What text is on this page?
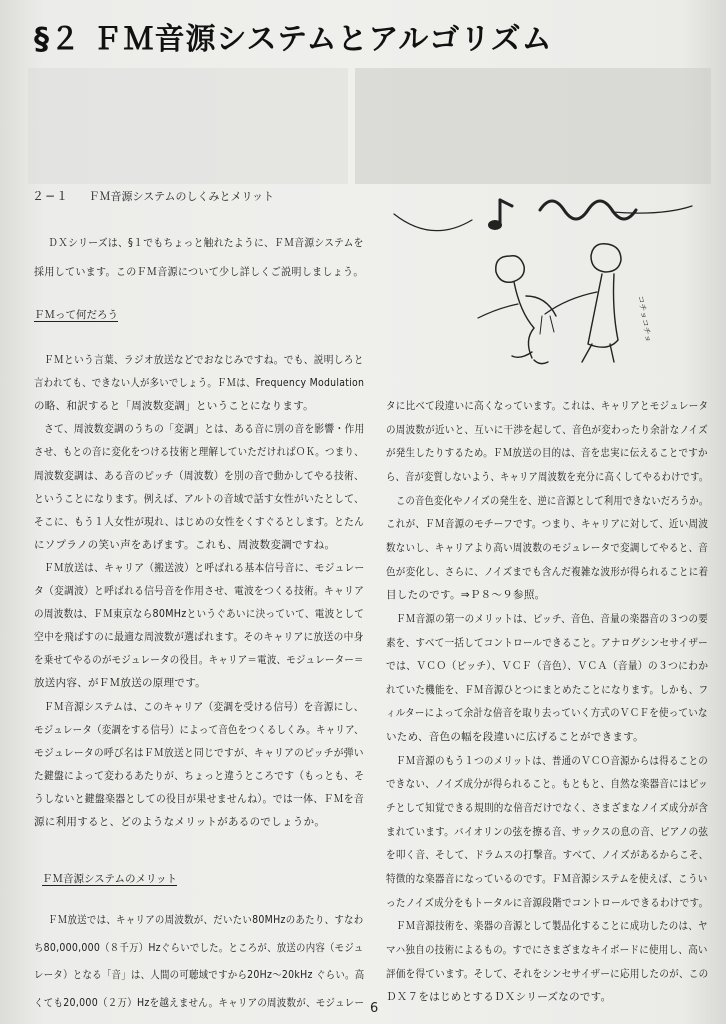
§２ ＦＭ音源システムとアルゴリズム
２−１ ＦＭ音源システムのしくみとメリット
ＤＸシリーズは、§１でもちょっと触れたように、ＦＭ音源システムを
採用しています。このＦＭ音源について少し詳しくご説明しましょう。
ＦＭって何だろう
ＦＭという言葉、ラジオ放送などでおなじみですね。でも、説明しろと
言われても、できない人が多いでしょう。ＦＭは、Frequency Modulation
の略、和訳すると「周波数変調」ということになります。
さて、周波数変調のうちの「変調」とは、ある音に別の音を影響・作用
させ、もとの音に変化をつける技術と理解していただければＯＫ。つまり、
周波数変調は、ある音のピッチ（周波数）を別の音で動かしてやる技術、
ということになります。例えば、アルトの音域で話す女性がいたとして、
そこに、もう１人女性が現れ、はじめの女性をくすぐるとします。とたん
にソプラノの笑い声をあげます。これも、周波数変調ですね。
ＦＭ放送は、キャリア（搬送波）と呼ばれる基本信号音に、モジュレー
タ（変調波）と呼ばれる信号音を作用させ、電波をつくる技術。キャリア
の周波数は、ＦＭ東京なら80MHzというぐあいに決っていて、電波として
空中を飛ばすのに最適な周波数が選ばれます。そのキャリアに放送の中身
を乗せてやるのがモジュレータの役目。キャリア＝電波、モジュレーター＝
放送内容、がＦＭ放送の原理です。
ＦＭ音源システムは、このキャリア（変調を受ける信号）を音源にし、
モジュレータ（変調をする信号）によって音色をつくるしくみ。キャリア、
モジュレータの呼び名はＦＭ放送と同じですが、キャリアのピッチが弾い
た鍵盤によって変わるあたりが、ちょっと違うところです（もっとも、そ
うしないと鍵盤楽器としての役目が果せませんね）。では一体、ＦＭを音
源に利用すると、どのようなメリットがあるのでしょうか。
ＦＭ音源システムのメリット
ＦＭ放送では、キャリアの周波数が、だいたい80MHzのあたり、すなわ
ち80,000,000（８千万）Hzぐらいでした。ところが、放送の内容（モジュ
レータ）となる「音」は、人間の可聴域ですから20Hz〜20kHz ぐらい。高
くても20,000（２万）Hzを越えません。キャリアの周波数が、モジュレー
タに比べて段違いに高くなっています。これは、キャリアとモジュレータ
の周波数が近いと、互いに干渉を起して、音色が変わったり余計なノイズ
が発生したりするため。ＦＭ放送の目的は、音を忠実に伝えることですか
ら、音が変質しないよう、キャリア周波数を充分に高くしてやるわけです。
この音色変化やノイズの発生を、逆に音源として利用できないだろうか。
これが、ＦＭ音源のモチーフです。つまり、キャリアに対して、近い周波
数ないし、キャリアより高い周波数のモジュレータで変調してやると、音
色が変化し、さらに、ノイズまでも含んだ複雑な波形が得られることに着
目したのです。⇒Ｐ８〜９参照。
ＦＭ音源の第一のメリットは、ピッチ、音色、音量の楽器音の３つの要
素を、すべて一括してコントロールできること。アナログシンセサイザー
では、ＶＣＯ（ピッチ）、ＶＣＦ（音色）、ＶＣＡ（音量）の３つにわか
れていた機能を、ＦＭ音源ひとつにまとめたことになります。しかも、フ
ィルターによって余計な倍音を取り去っていく方式のＶＣＦを使っていな
いため、音色の幅を段違いに広げることができます。
ＦＭ音源のもう１つのメリットは、普通のＶＣＯ音源からは得ることの
できない、ノイズ成分が得られること。もともと、自然な楽器音にはピッ
チとして知覚できる規則的な倍音だけでなく、さまざまなノイズ成分が含
まれています。バイオリンの弦を擦る音、サックスの息の音、ピアノの弦
を叩く音、そして、ドラムスの打撃音。すべて、ノイズがあるからこそ、
特徴的な楽器音になっているのです。ＦＭ音源システムを使えば、こうい
ったノイズ成分をもトータルに音源段階でコントロールできるわけです。
ＦＭ音源技術を、楽器の音源として製品化することに成功したのは、ヤ
マハ独自の技術によるもの。すでにさまざまなキイボードに使用し、高い
評価を得ています。そして、それをシンセサイザーに応用したのが、この
ＤＸ７をはじめとするＤＸシリーズなのです。
コチョコチョ
6
